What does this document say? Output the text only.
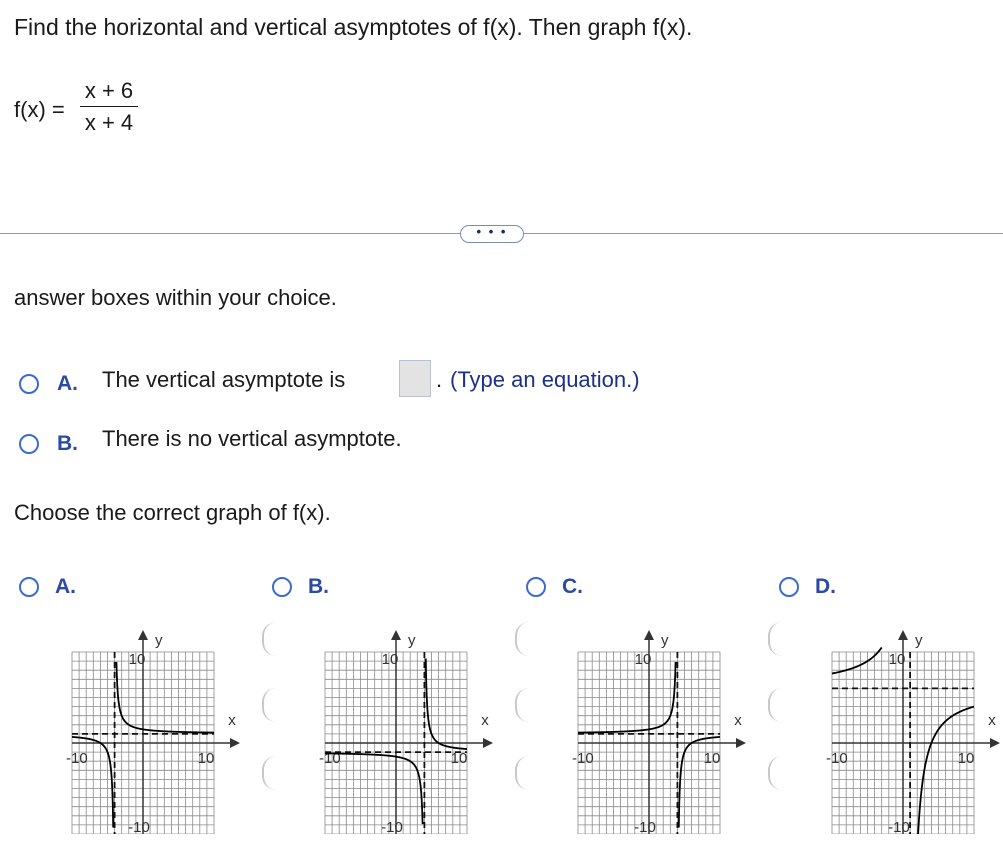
Find the horizontal and vertical asymptotes of f(x). Then graph f(x).
f(x) =
x + 6
x + 4
• • •
answer boxes within your choice.
A. The vertical asymptote is	. (Type an equation.)
B. There is no vertical asymptote.
Choose the correct graph of f(x).
A.
y
x
10
-10
-10	10
B.
y
x
10
-10
-10	10
C.
y
x
10
-10
-10	10
D.
y
x
10
-10
-10	10
